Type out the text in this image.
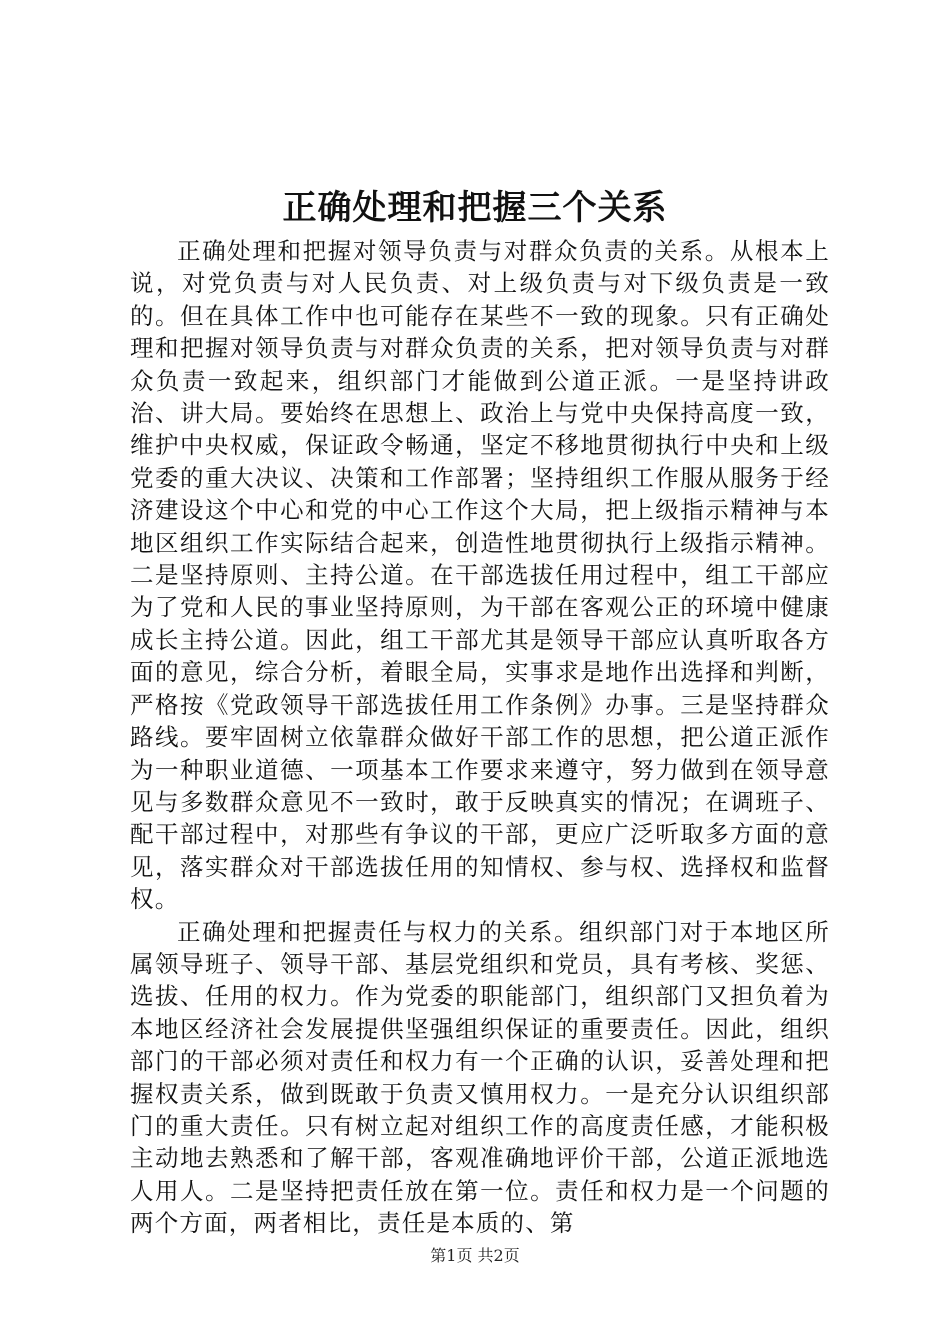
正确处理和把握三个关系

正确处理和把握对领导负责与对群众负责的关系。从根本上说，对党负责与对人民负责、对上级负责与对下级负责是一致的。但在具体工作中也可能存在某些不一致的现象。只有正确处理和把握对领导负责与对群众负责的关系，把对领导负责与对群众负责一致起来，组织部门才能做到公道正派。一是坚持讲政治、讲大局。要始终在思想上、政治上与党中央保持高度一致，维护中央权威，保证政令畅通，坚定不移地贯彻执行中央和上级党委的重大决议、决策和工作部署；坚持组织工作服从服务于经济建设这个中心和党的中心工作这个大局，把上级指示精神与本地区组织工作实际结合起来，创造性地贯彻执行上级指示精神。二是坚持原则、主持公道。在干部选拔任用过程中，组工干部应为了党和人民的事业坚持原则，为干部在客观公正的环境中健康成长主持公道。因此，组工干部尤其是领导干部应认真听取各方面的意见，综合分析，着眼全局，实事求是地作出选择和判断，严格按《党政领导干部选拔任用工作条例》办事。三是坚持群众路线。要牢固树立依靠群众做好干部工作的思想，把公道正派作为一种职业道德、一项基本工作要求来遵守，努力做到在领导意见与多数群众意见不一致时，敢于反映真实的情况；在调班子、配干部过程中，对那些有争议的干部，更应广泛听取多方面的意见，落实群众对干部选拔任用的知情权、参与权、选择权和监督权。

正确处理和把握责任与权力的关系。组织部门对于本地区所属领导班子、领导干部、基层党组织和党员，具有考核、奖惩、选拔、任用的权力。作为党委的职能部门，组织部门又担负着为本地区经济社会发展提供坚强组织保证的重要责任。因此，组织部门的干部必须对责任和权力有一个正确的认识，妥善处理和把握权责关系，做到既敢于负责又慎用权力。一是充分认识组织部门的重大责任。只有树立起对组织工作的高度责任感，才能积极主动地去熟悉和了解干部，客观准确地评价干部，公道正派地选人用人。二是坚持把责任放在第一位。责任和权力是一个问题的两个方面，两者相比，责任是本质的、第

第1页 共2页
